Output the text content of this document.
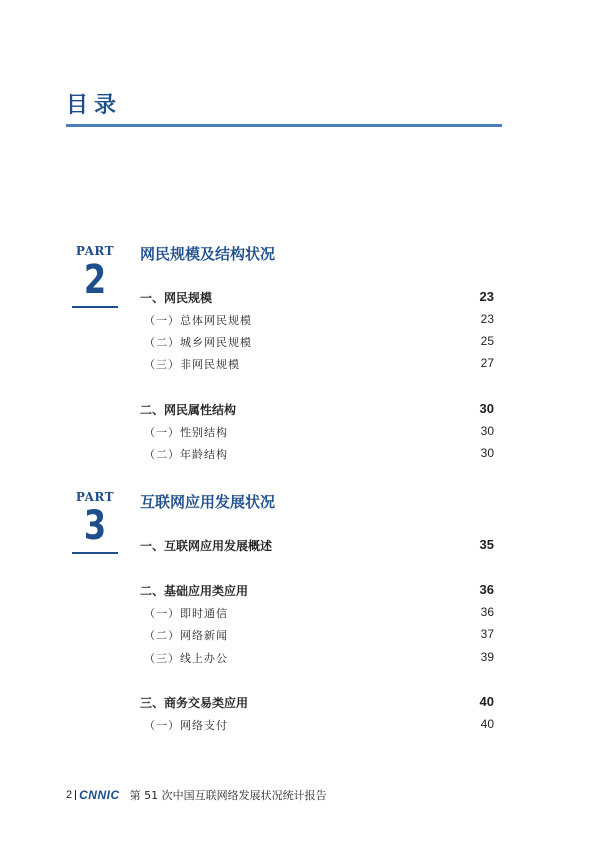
目录
PART
2
网民规模及结构状况
一、网民规模	23
（一）总体网民规模	23
（二）城乡网民规模	25
（三）非网民规模	27
二、网民属性结构	30
（一）性别结构	30
（二）年龄结构	30
PART
3
互联网应用发展状况
一、互联网应用发展概述	35
二、基础应用类应用	36
（一）即时通信	36
（二）网络新闻	37
（三）线上办公	39
三、商务交易类应用	40
（一）网络支付	40
2 CNNIC 第 51 次中国互联网络发展状况统计报告
